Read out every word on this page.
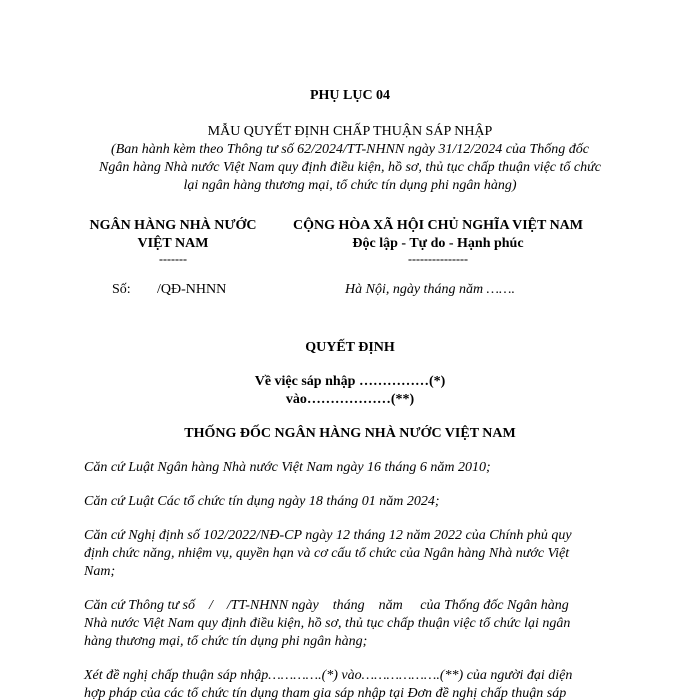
PHỤ LỤC 04
MẪU QUYẾT ĐỊNH CHẤP THUẬN SÁP NHẬP
(Ban hành kèm theo Thông tư số 62/2024/TT-NHNN ngày 31/12/2024 của Thống đốc
Ngân hàng Nhà nước Việt Nam quy định điều kiện, hồ sơ, thủ tục chấp thuận việc tổ chức
lại ngân hàng thương mại, tổ chức tín dụng phi ngân hàng)
NGÂN HÀNG NHÀ NƯỚC
VIỆT NAM
-------
CỘNG HÒA XÃ HỘI CHỦ NGHĨA VIỆT NAM
Độc lập - Tự do - Hạnh phúc
---------------
Số: /QĐ-NHNN	Hà Nội, ngày tháng năm …….
QUYẾT ĐỊNH
Về việc sáp nhập ……………(*)
vào………………(**)
THỐNG ĐỐC NGÂN HÀNG NHÀ NƯỚC VIỆT NAM
Căn cứ Luật Ngân hàng Nhà nước Việt Nam ngày 16 tháng 6 năm 2010;
Căn cứ Luật Các tổ chức tín dụng ngày 18 tháng 01 năm 2024;
Căn cứ Nghị định số 102/2022/NĐ-CP ngày 12 tháng 12 năm 2022 của Chính phủ quy
định chức năng, nhiệm vụ, quyền hạn và cơ cấu tổ chức của Ngân hàng Nhà nước Việt
Nam;
Căn cứ Thông tư số    /    /TT-NHNN ngày    tháng    năm     của Thống đốc Ngân hàng
Nhà nước Việt Nam quy định điều kiện, hồ sơ, thủ tục chấp thuận việc tổ chức lại ngân
hàng thương mại, tổ chức tín dụng phi ngân hàng;
Xét đề nghị chấp thuận sáp nhập………….(*) vào……………….(**) của người đại diện
hợp pháp của các tổ chức tín dụng tham gia sáp nhập tại Đơn đề nghị chấp thuận sáp
